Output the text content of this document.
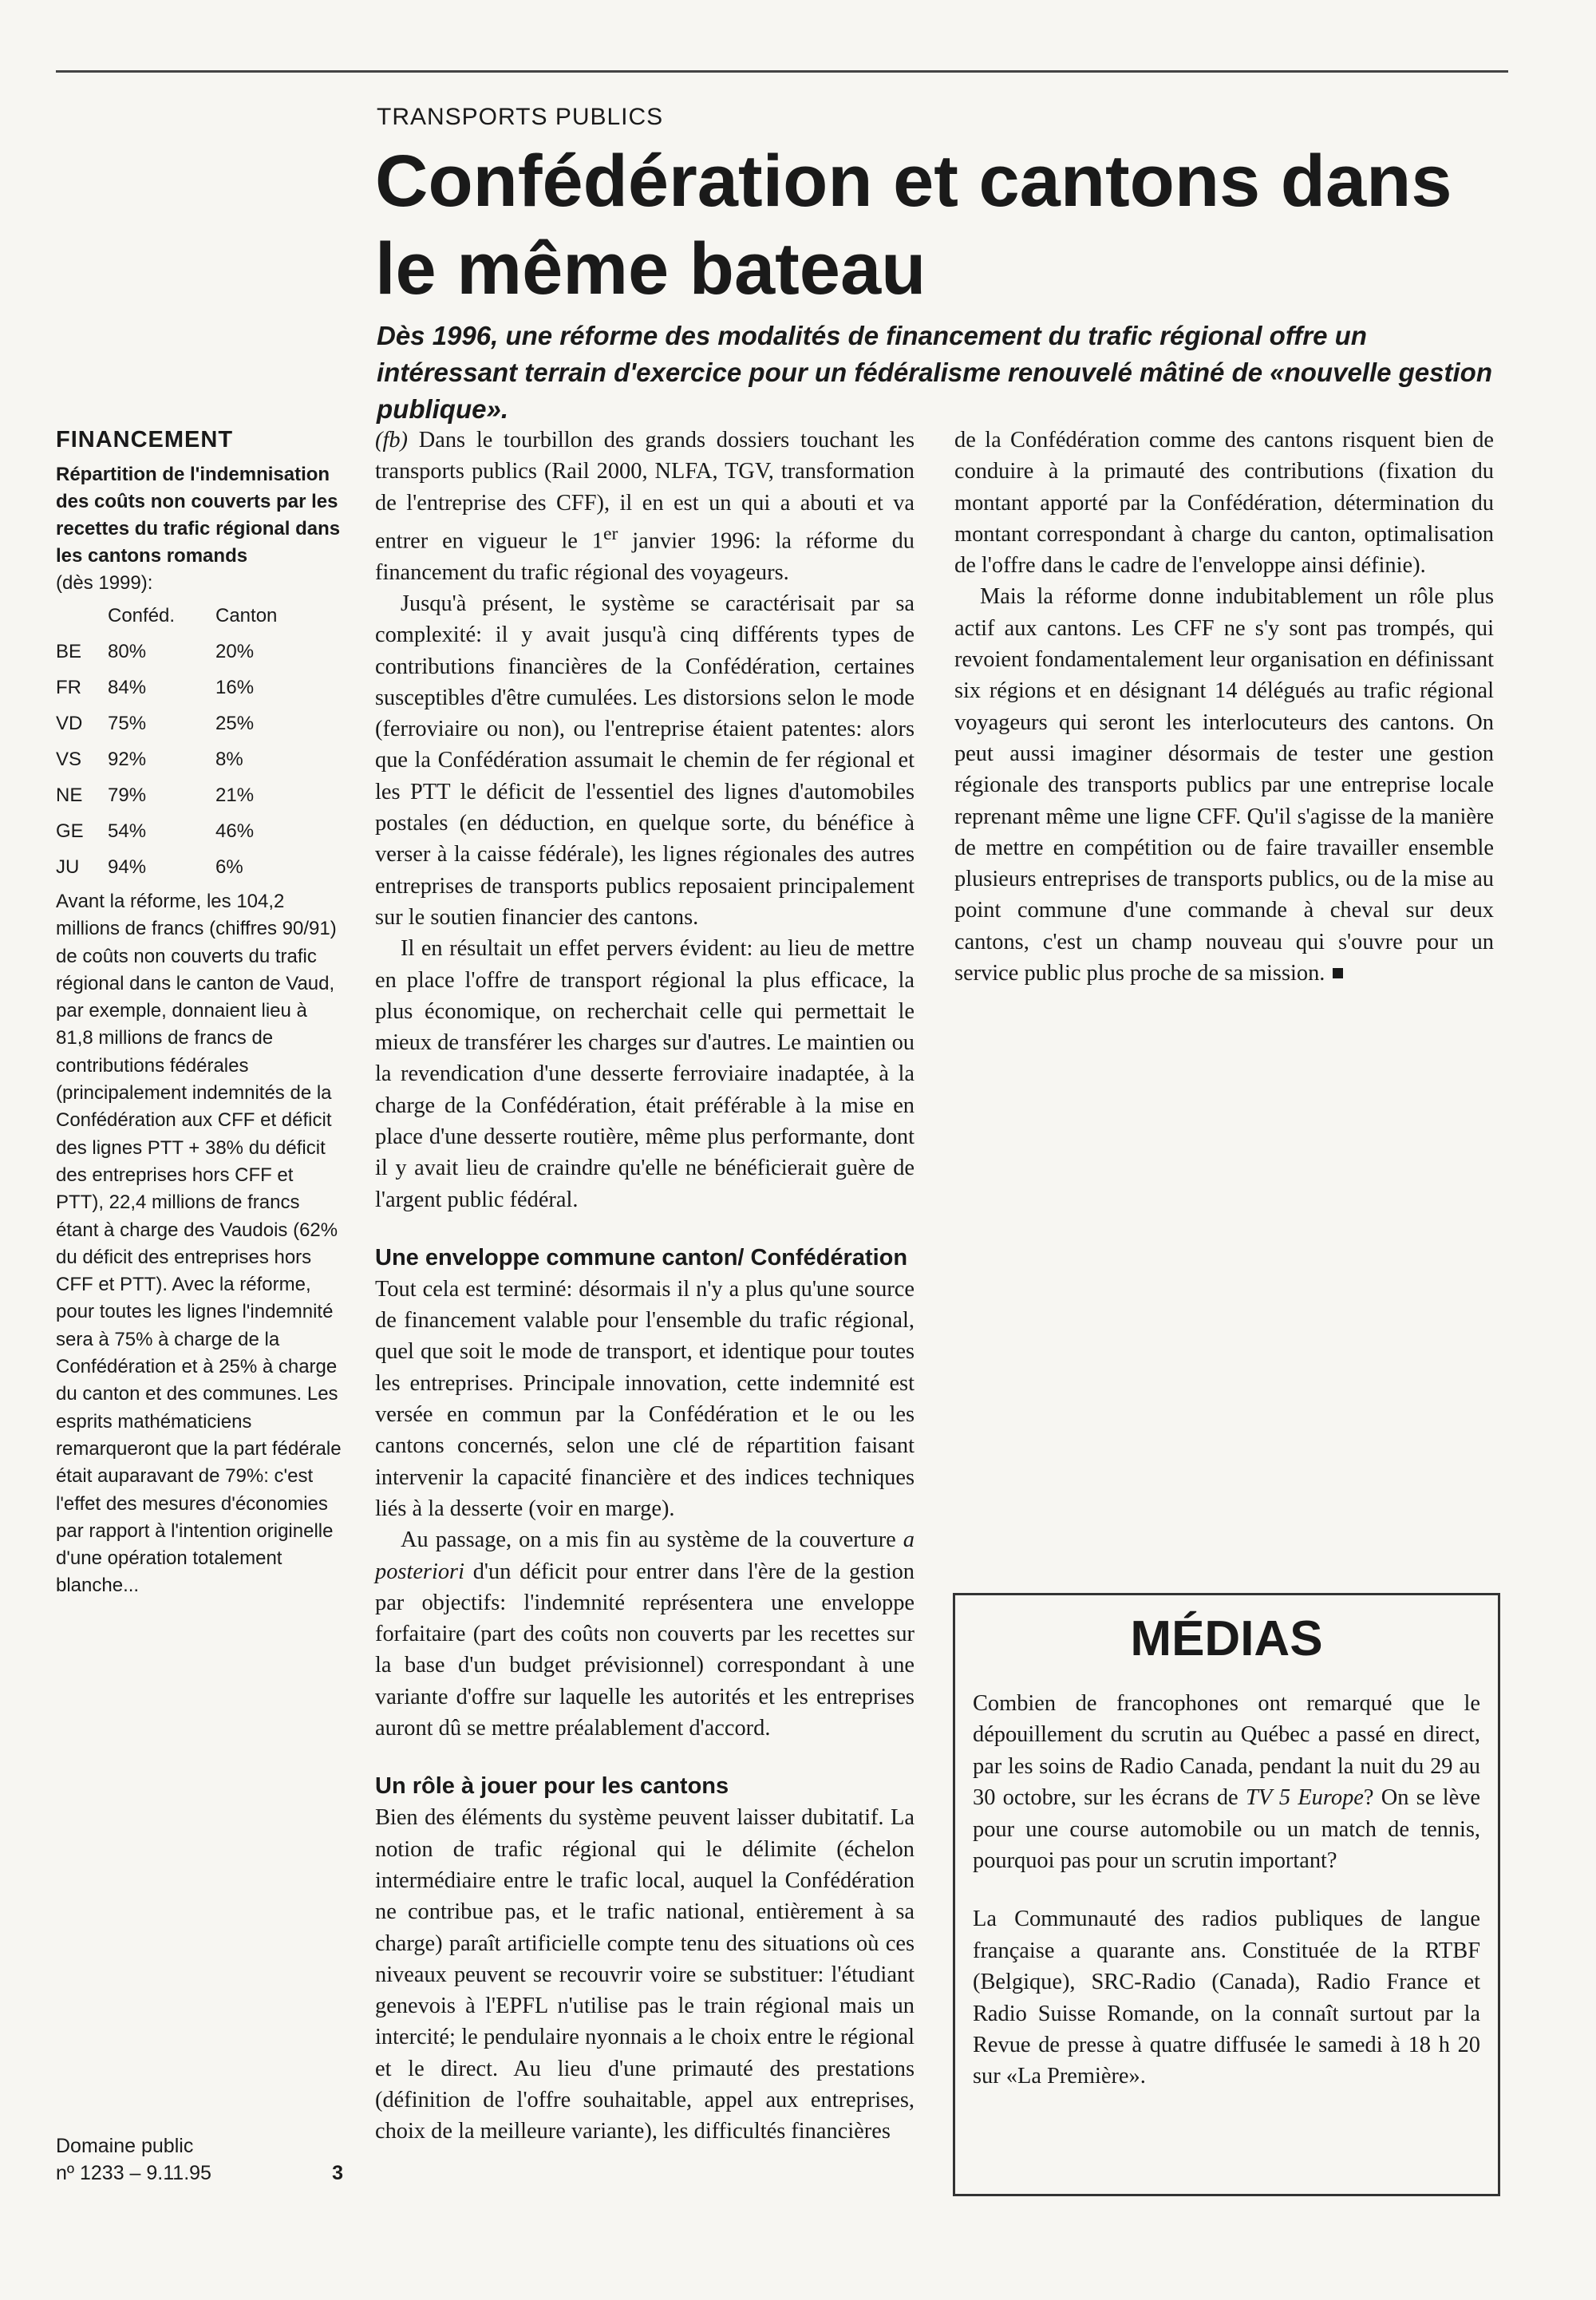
TRANSPORTS PUBLICS
Confédération et cantons dans le même bateau

Dès 1996, une réforme des modalités de financement du trafic régional offre un intéressant terrain d'exercice pour un fédéralisme renouvelé mâtiné de «nouvelle gestion publique».

FINANCEMENT

Répartition de l'indemnisation des coûts non couverts par les recettes du trafic régional dans les cantons romands

(dès 1999):

	Conféd.	Canton
BE	80%	20%
FR	84%	16%
VD	75%	25%
VS	92%	8%
NE	79%	21%
GE	54%	46%
JU	94%	6%

Avant la réforme, les 104,2 millions de francs (chiffres 90/91) de coûts non couverts du trafic régional dans le canton de Vaud, par exemple, donnaient lieu à 81,8 millions de francs de contributions fédérales (principalement indemnités de la Confédération aux CFF et déficit des lignes PTT + 38% du déficit des entreprises hors CFF et PTT), 22,4 millions de francs étant à charge des Vaudois (62% du déficit des entreprises hors CFF et PTT). Avec la réforme, pour toutes les lignes l'indemnité sera à 75% à charge de la Confédération et à 25% à charge du canton et des communes. Les esprits mathématiciens remarqueront que la part fédérale était auparavant de 79%: c'est l'effet des mesures d'économies par rapport à l'intention originelle d'une opération totalement blanche...

Domaine public
nº 1233 – 9.11.95	3

(fb) Dans le tourbillon des grands dossiers touchant les transports publics (Rail 2000, NLFA, TGV, transformation de l'entreprise des CFF), il en est un qui a abouti et va entrer en vigueur le 1er janvier 1996: la réforme du financement du trafic régional des voyageurs.

Jusqu'à présent, le système se caractérisait par sa complexité: il y avait jusqu'à cinq différents types de contributions financières de la Confédération, certaines susceptibles d'être cumulées. Les distorsions selon le mode (ferroviaire ou non), ou l'entreprise étaient patentes: alors que la Confédération assumait le chemin de fer régional et les PTT le déficit de l'essentiel des lignes d'automobiles postales (en déduction, en quelque sorte, du bénéfice à verser à la caisse fédérale), les lignes régionales des autres entreprises de transports publics reposaient principalement sur le soutien financier des cantons.

Il en résultait un effet pervers évident: au lieu de mettre en place l'offre de transport régional la plus efficace, la plus économique, on recherchait celle qui permettait le mieux de transférer les charges sur d'autres. Le maintien ou la revendication d'une desserte ferroviaire inadaptée, à la charge de la Confédération, était préférable à la mise en place d'une desserte routière, même plus performante, dont il y avait lieu de craindre qu'elle ne bénéficierait guère de l'argent public fédéral.

Une enveloppe commune canton/ Confédération

Tout cela est terminé: désormais il n'y a plus qu'une source de financement valable pour l'ensemble du trafic régional, quel que soit le mode de transport, et identique pour toutes les entreprises. Principale innovation, cette indemnité est versée en commun par la Confédération et le ou les cantons concernés, selon une clé de répartition faisant intervenir la capacité financière et des indices techniques liés à la desserte (voir en marge).

Au passage, on a mis fin au système de la couverture a posteriori d'un déficit pour entrer dans l'ère de la gestion par objectifs: l'indemnité représentera une enveloppe forfaitaire (part des coûts non couverts par les recettes sur la base d'un budget prévisionnel) correspondant à une variante d'offre sur laquelle les autorités et les entreprises auront dû se mettre préalablement d'accord.

Un rôle à jouer pour les cantons

Bien des éléments du système peuvent laisser dubitatif. La notion de trafic régional qui le délimite (échelon intermédiaire entre le trafic local, auquel la Confédération ne contribue pas, et le trafic national, entièrement à sa charge) paraît artificielle compte tenu des situations où ces niveaux peuvent se recouvrir voire se substituer: l'étudiant genevois à l'EPFL n'utilise pas le train régional mais un intercité; le pendulaire nyonnais a le choix entre le régional et le direct. Au lieu d'une primauté des prestations (définition de l'offre souhaitable, appel aux entreprises, choix de la meilleure variante), les difficultés financières

de la Confédération comme des cantons risquent bien de conduire à la primauté des contributions (fixation du montant apporté par la Confédération, détermination du montant correspondant à charge du canton, optimalisation de l'offre dans le cadre de l'enveloppe ainsi définie).

Mais la réforme donne indubitablement un rôle plus actif aux cantons. Les CFF ne s'y sont pas trompés, qui revoient fondamentalement leur organisation en définissant six régions et en désignant 14 délégués au trafic régional voyageurs qui seront les interlocuteurs des cantons. On peut aussi imaginer désormais de tester une gestion régionale des transports publics par une entreprise locale reprenant même une ligne CFF. Qu'il s'agisse de la manière de mettre en compétition ou de faire travailler ensemble plusieurs entreprises de transports publics, ou de la mise au point commune d'une commande à cheval sur deux cantons, c'est un champ nouveau qui s'ouvre pour un service public plus proche de sa mission.

MÉDIAS

Combien de francophones ont remarqué que le dépouillement du scrutin au Québec a passé en direct, par les soins de Radio Canada, pendant la nuit du 29 au 30 octobre, sur les écrans de TV 5 Europe? On se lève pour une course automobile ou un match de tennis, pourquoi pas pour un scrutin important?

La Communauté des radios publiques de langue française a quarante ans. Constituée de la RTBF (Belgique), SRC-Radio (Canada), Radio France et Radio Suisse Romande, on la connaît surtout par la Revue de presse à quatre diffusée le samedi à 18 h 20 sur «La Première».
